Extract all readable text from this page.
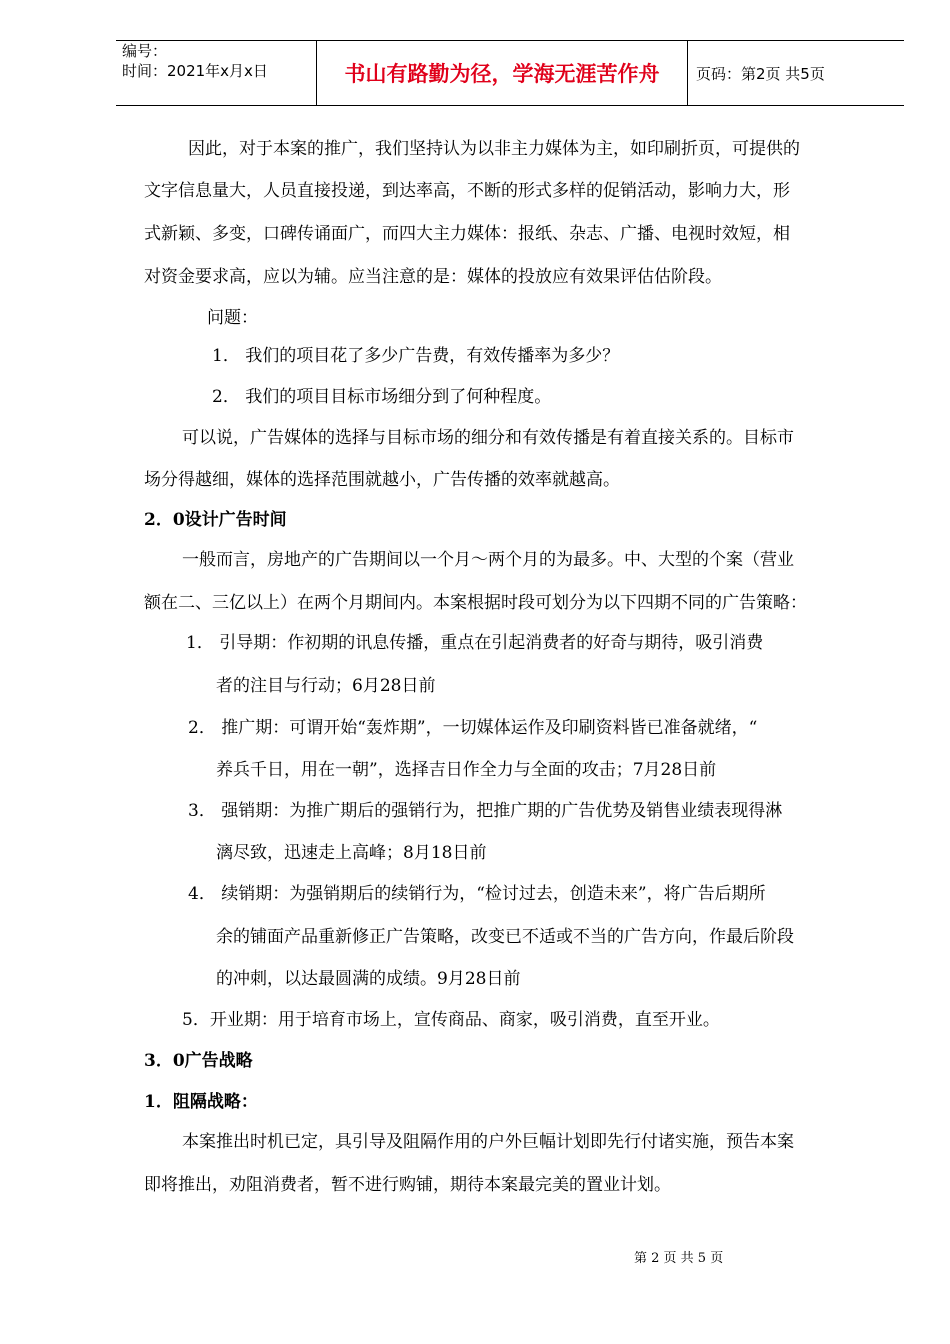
编号：
时间：2021年x月x日	书山有路勤为径，学海无涯苦作舟	页码：第2页 共5页
因此，对于本案的推广，我们坚持认为以非主力媒体为主，如印刷折页，可提供的
文字信息量大，人员直接投递，到达率高，不断的形式多样的促销活动，影响力大，形
式新颖、多变，口碑传诵面广，而四大主力媒体：报纸、杂志、广播、电视时效短，相
对资金要求高，应以为辅。应当注意的是：媒体的投放应有效果评估估阶段。
问题：
1． 我们的项目花了多少广告费，有效传播率为多少？
2． 我们的项目目标市场细分到了何种程度。
可以说，广告媒体的选择与目标市场的细分和有效传播是有着直接关系的。目标市
场分得越细，媒体的选择范围就越小，广告传播的效率就越高。
2．0设计广告时间
一般而言，房地产的广告期间以一个月～两个月的为最多。中、大型的个案（营业
额在二、三亿以上）在两个月期间内。本案根据时段可划分为以下四期不同的广告策略：
1． 引导期：作初期的讯息传播，重点在引起消费者的好奇与期待，吸引消费
者的注目与行动；6月28日前
2． 推广期：可谓开始“轰炸期”，一切媒体运作及印刷资料皆已准备就绪，“
养兵千日，用在一朝”，选择吉日作全力与全面的攻击；7月28日前
3． 强销期：为推广期后的强销行为，把推广期的广告优势及销售业绩表现得淋
漓尽致，迅速走上高峰；8月18日前
4． 续销期：为强销期后的续销行为，“检讨过去，创造未来”，将广告后期所
余的铺面产品重新修正广告策略，改变已不适或不当的广告方向，作最后阶段
的冲刺，以达最圆满的成绩。9月28日前
5．开业期：用于培育市场上，宣传商品、商家，吸引消费，直至开业。
3．0广告战略
1．阻隔战略：
本案推出时机已定，具引导及阻隔作用的户外巨幅计划即先行付诸实施，预告本案
即将推出，劝阻消费者，暂不进行购铺，期待本案最完美的置业计划。
第 2 页 共 5 页
